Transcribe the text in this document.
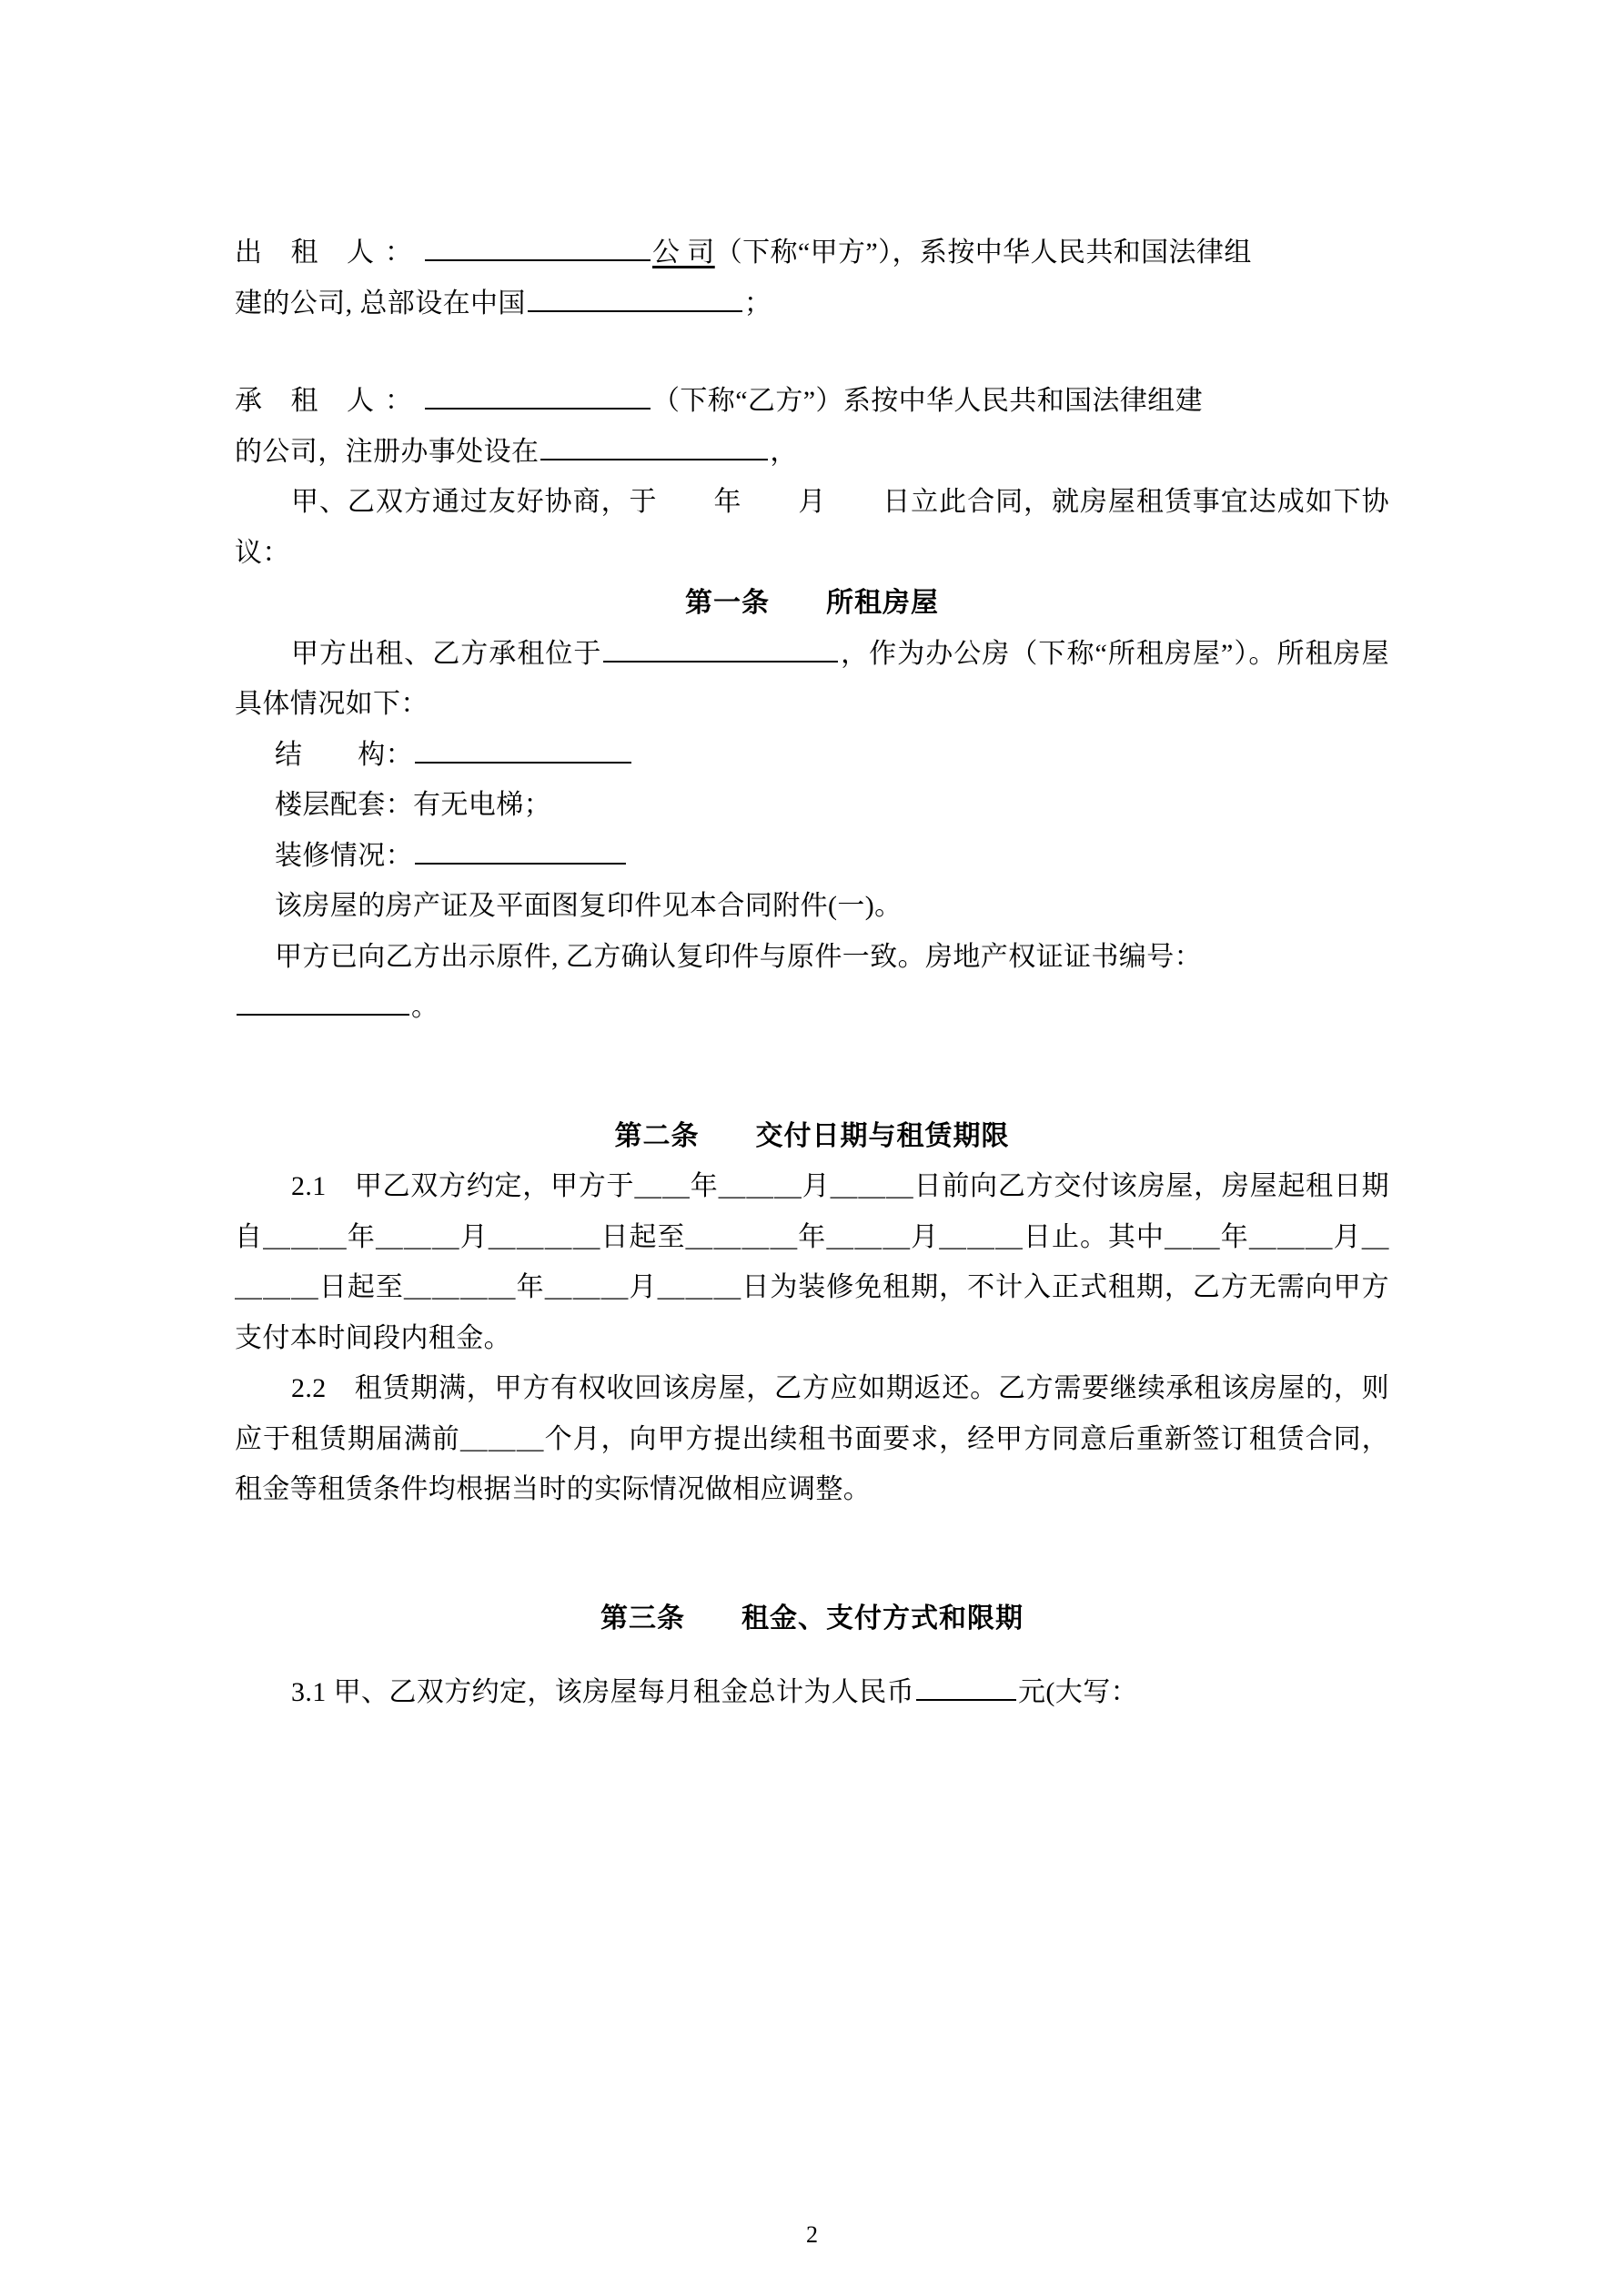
出 租 人：	公 司（下称“甲方”），系按中华人民共和国法律组

建的公司, 总部设在中国	；

承 租 人：	（下称“乙方”）系按中华人民共和国法律组建

的公司，注册办事处设在	，

甲、乙双方通过友好协商，于　　年　　月　　日立此合同，就房屋租赁事宜达成如下协议：

第一条　　所租房屋

甲方出租、乙方承租位于	，作为办公房（下称“所租房屋”）。所租房屋具体情况如下：

结　　构：

楼层配套：有无电梯；

装修情况：

该房屋的房产证及平面图复印件见本合同附件(一)。

甲方已向乙方出示原件, 乙方确认复印件与原件一致。房地产权证证书编号：

。

第二条　　交付日期与租赁期限

2.1　甲乙双方约定，甲方于＿＿年＿＿＿月＿＿＿日前向乙方交付该房屋，房屋起租日期自＿＿＿年＿＿＿月＿＿＿＿日起至＿＿＿＿年＿＿＿月＿＿＿日止。其中＿＿年＿＿＿月＿＿＿＿日起至＿＿＿＿年＿＿＿月＿＿＿日为装修免租期，不计入正式租期，乙方无需向甲方支付本时间段内租金。

2.2　租赁期满，甲方有权收回该房屋，乙方应如期返还。乙方需要继续承租该房屋的，则应于租赁期届满前＿＿＿个月，向甲方提出续租书面要求，经甲方同意后重新签订租赁合同，租金等租赁条件均根据当时的实际情况做相应调整。

第三条　　租金、支付方式和限期

3.1 甲、乙双方约定，该房屋每月租金总计为人民币	元(大写：

2
